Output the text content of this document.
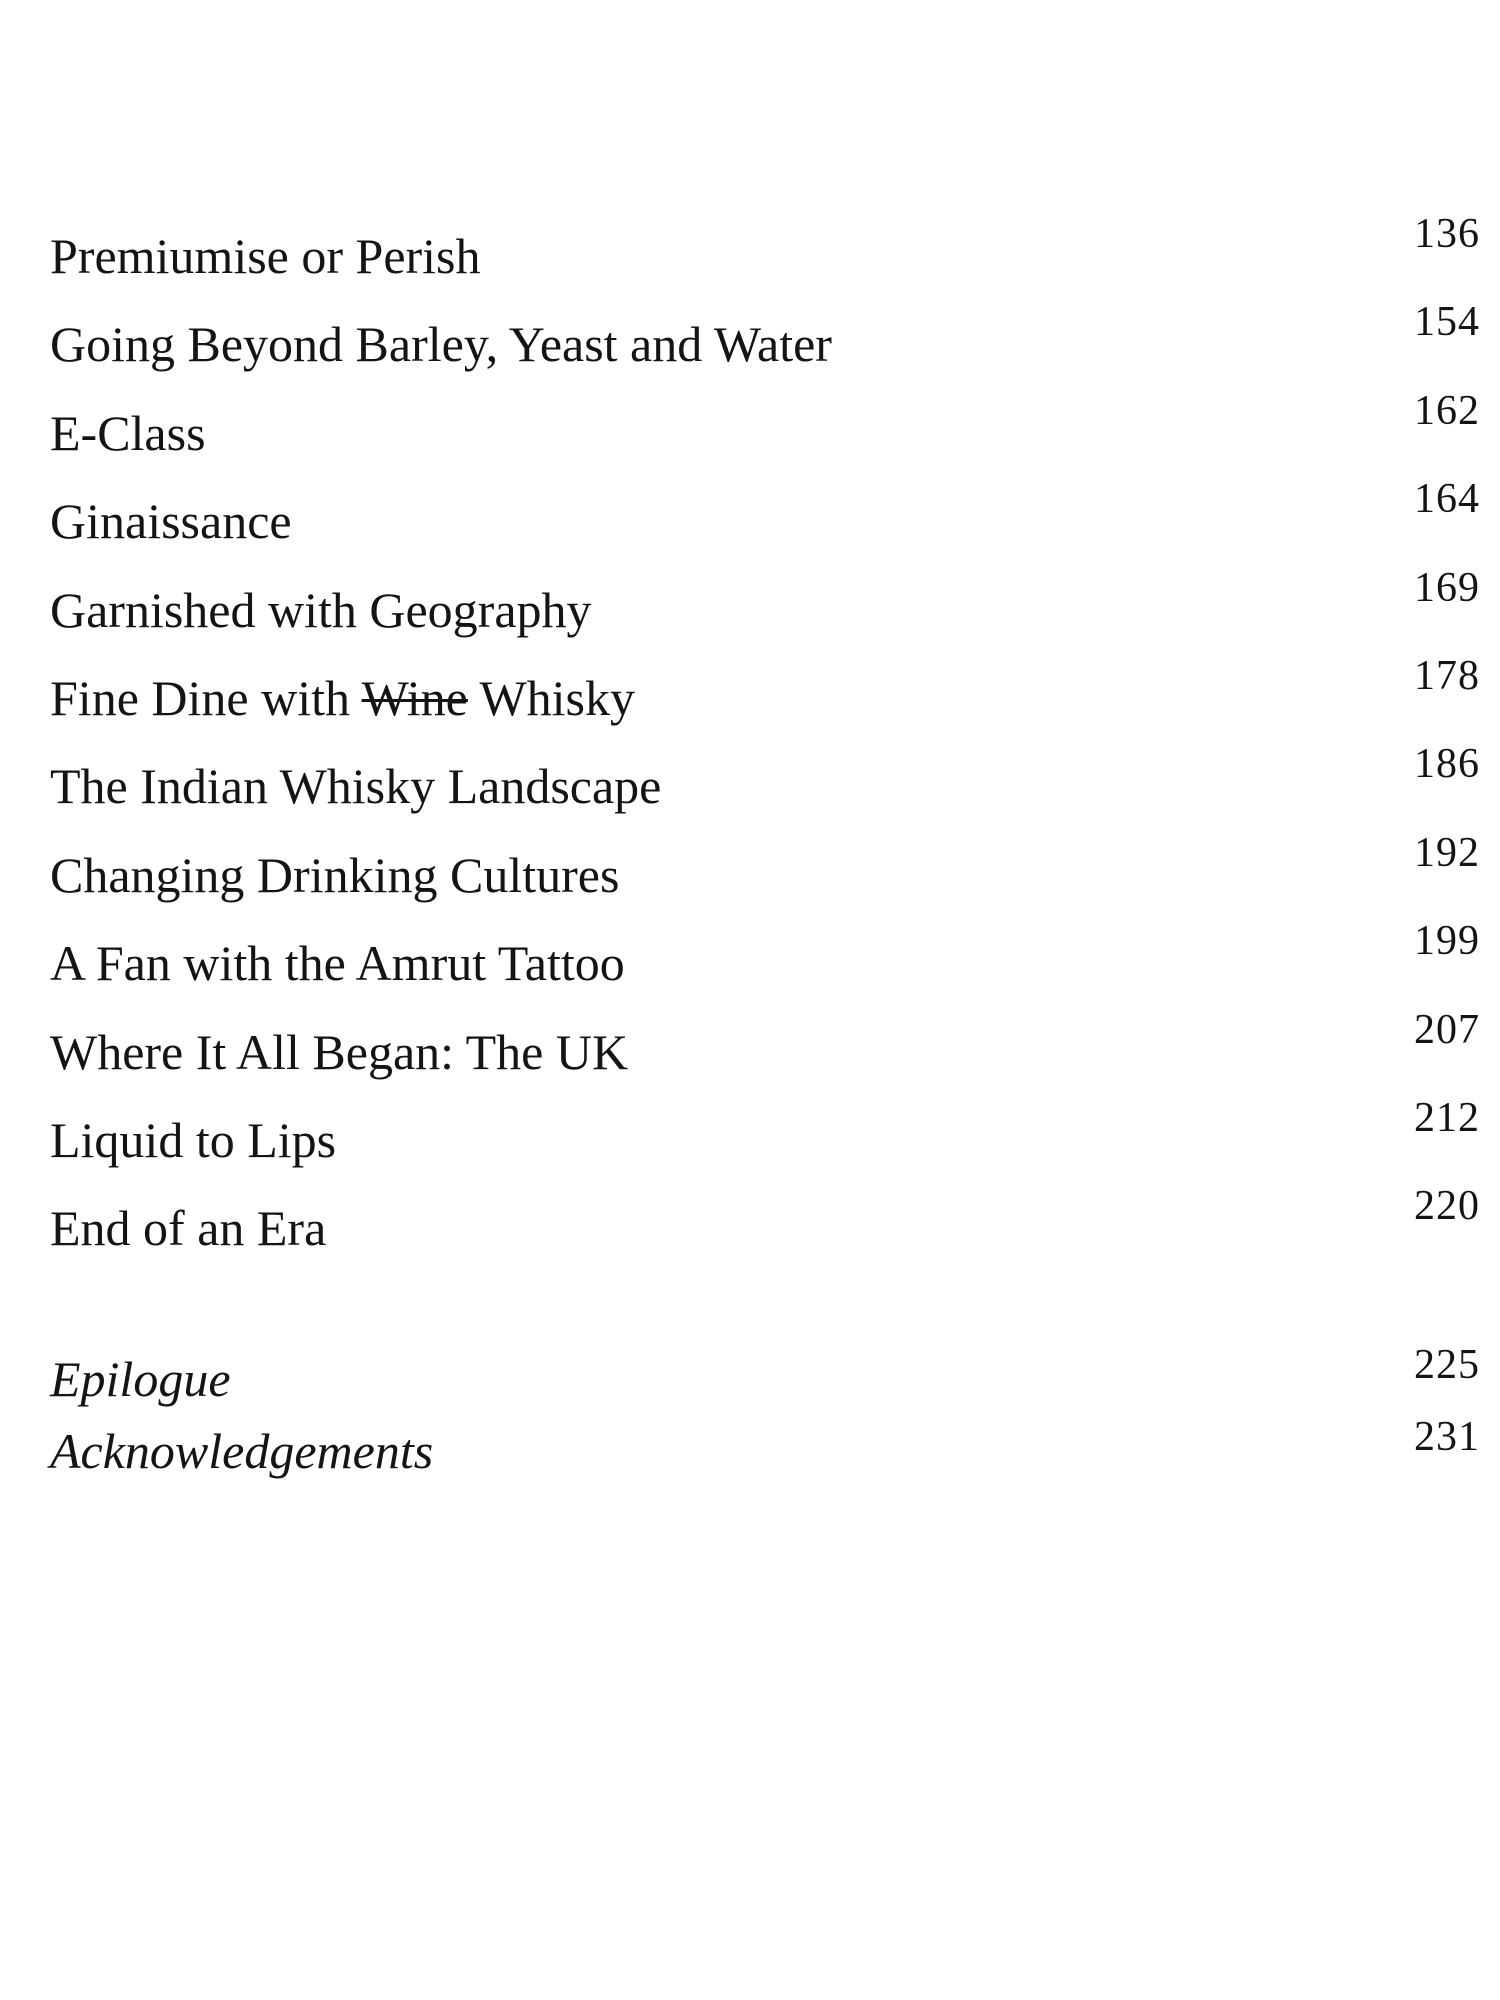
Premiumise or Perish	136
Going Beyond Barley, Yeast and Water	154
E-Class	162
Ginaissance	164
Garnished with Geography	169
Fine Dine with Wine Whisky	178
The Indian Whisky Landscape	186
Changing Drinking Cultures	192
A Fan with the Amrut Tattoo	199
Where It All Began: The UK	207
Liquid to Lips	212
End of an Era	220
Epilogue	225
Acknowledgements	231
